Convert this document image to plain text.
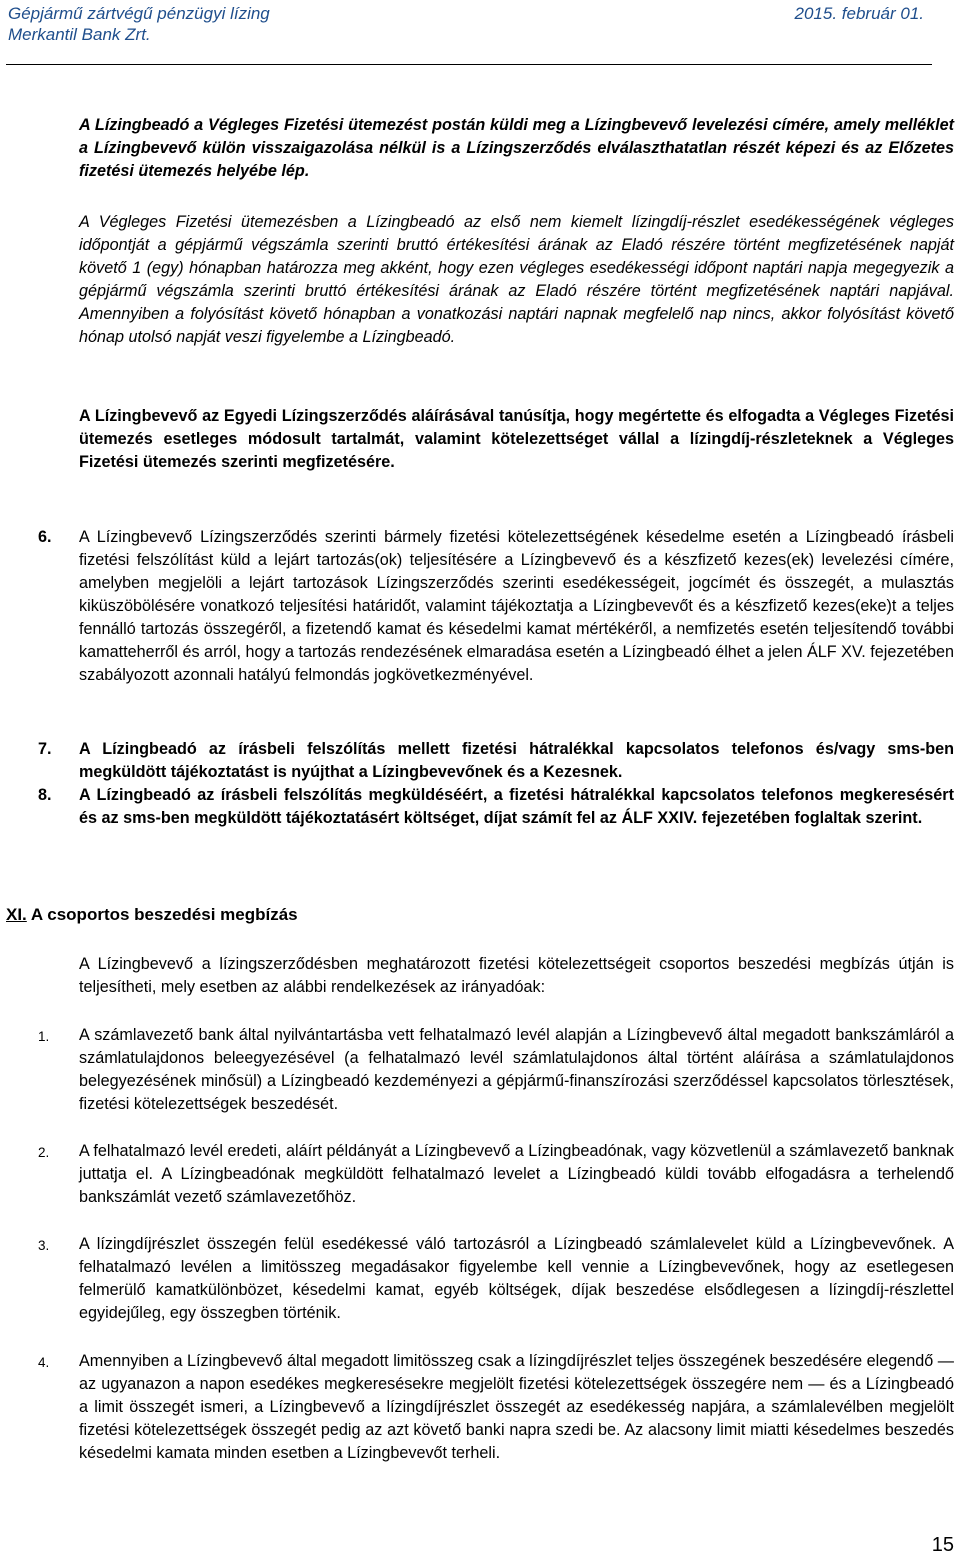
Gépjármű zártvégű pénzügyi lízing	2015. február 01.
Merkantil Bank Zrt.

A Lízingbeadó a Végleges Fizetési ütemezést postán küldi meg a Lízingbevevő levelezési címére, amely melléklet a Lízingbevevő külön visszaigazolása nélkül is a Lízingszerződés elválaszthatatlan részét képezi és az Előzetes fizetési ütemezés helyébe lép.

A Végleges Fizetési ütemezésben a Lízingbeadó az első nem kiemelt lízingdíj-részlet esedékességének végleges időpontját a gépjármű végszámla szerinti bruttó értékesítési árának az Eladó részére történt megfizetésének napját követő 1 (egy) hónapban határozza meg akként, hogy ezen végleges esedékességi időpont naptári napja megegyezik a gépjármű végszámla szerinti bruttó értékesítési árának az Eladó részére történt megfizetésének naptári napjával. Amennyiben a folyósítást követő hónapban a vonatkozási naptári napnak megfelelő nap nincs, akkor folyósítást követő hónap utolsó napját veszi figyelembe a Lízingbeadó.

A Lízingbevevő az Egyedi Lízingszerződés aláírásával tanúsítja, hogy megértette és elfogadta a Végleges Fizetési ütemezés esetleges módosult tartalmát, valamint kötelezettséget vállal a lízingdíj-részleteknek a Végleges Fizetési ütemezés szerinti megfizetésére.

6.	A Lízingbevevő Lízingszerződés szerinti bármely fizetési kötelezettségének késedelme esetén a Lízingbeadó írásbeli fizetési felszólítást küld a lejárt tartozás(ok) teljesítésére a Lízingbevevő és a készfizető kezes(ek) levelezési címére, amelyben megjelöli a lejárt tartozások Lízingszerződés szerinti esedékességeit, jogcímét és összegét, a mulasztás kiküszöbölésére vonatkozó teljesítési határidőt, valamint tájékoztatja a Lízingbevevőt és a készfizető kezes(eke)t a teljes fennálló tartozás összegéről, a fizetendő kamat és késedelmi kamat mértékéről, a nemfizetés esetén teljesítendő további kamatteherről és arról, hogy a tartozás rendezésének elmaradása esetén a Lízingbeadó élhet a jelen ÁLF XV. fejezetében szabályozott azonnali hatályú felmondás jogkövetkezményével.
7.	A Lízingbeadó az írásbeli felszólítás mellett fizetési hátralékkal kapcsolatos telefonos és/vagy sms-ben megküldött tájékoztatást is nyújthat a Lízingbevevőnek és a Kezesnek.
8.	A Lízingbeadó az írásbeli felszólítás megküldéséért, a fizetési hátralékkal kapcsolatos telefonos megkeresésért és az sms-ben megküldött tájékoztatásért költséget, díjat számít fel az ÁLF XXIV. fejezetében foglaltak szerint.
XI. A csoportos beszedési megbízás

A Lízingbevevő a lízingszerződésben meghatározott fizetési kötelezettségeit csoportos beszedési megbízás útján is teljesítheti, mely esetben az alábbi rendelkezések az irányadóak:

1.	A számlavezető bank által nyilvántartásba vett felhatalmazó levél alapján a Lízingbevevő által megadott bankszámláról a számlatulajdonos beleegyezésével (a felhatalmazó levél számlatulajdonos által történt aláírása a számlatulajdonos belegyezésének minősül) a Lízingbeadó kezdeményezi a gépjármű-finanszírozási szerződéssel kapcsolatos törlesztések, fizetési kötelezettségek beszedését.
2.	A felhatalmazó levél eredeti, aláírt példányát a Lízingbevevő a Lízingbeadónak, vagy közvetlenül a számlavezető banknak juttatja el. A Lízingbeadónak megküldött felhatalmazó levelet a Lízingbeadó küldi tovább elfogadásra a terhelendő bankszámlát vezető számlavezetőhöz.
3.	A lízingdíjrészlet összegén felül esedékessé váló tartozásról a Lízingbeadó számlalevelet küld a Lízingbevevőnek. A felhatalmazó levélen a limitösszeg megadásakor figyelembe kell vennie a Lízingbevevőnek, hogy az esetlegesen felmerülő kamatkülönbözet, késedelmi kamat, egyéb költségek, díjak beszedése elsődlegesen a lízingdíj-részlettel egyidejűleg, egy összegben történik.
4.	Amennyiben a Lízingbevevő által megadott limitösszeg csak a lízingdíjrészlet teljes összegének beszedésére elegendő — az ugyanazon a napon esedékes megkeresésekre megjelölt fizetési kötelezettségek összegére nem — és a Lízingbeadó a limit összegét ismeri, a Lízingbevevő a lízingdíjrészlet összegét az esedékesség napjára, a számlalevélben megjelölt fizetési kötelezettségek összegét pedig az azt követő banki napra szedi be. Az alacsony limit miatti késedelmes beszedés késedelmi kamata minden esetben a Lízingbevevőt terheli.
15
